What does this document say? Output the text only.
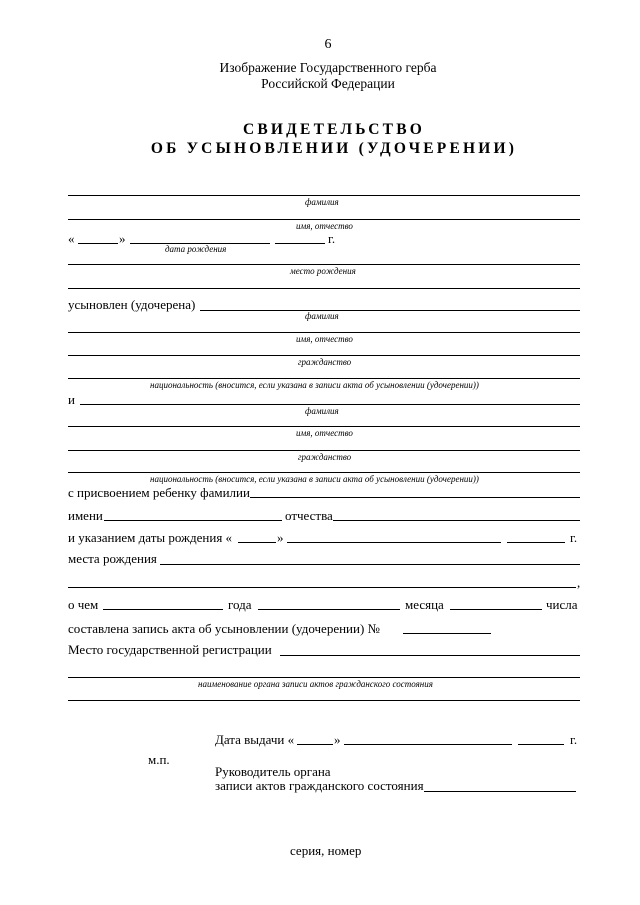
6
Изображение Государственного герба
Российской Федерации
СВИДЕТЕЛЬСТВО
ОБ УСЫНОВЛЕНИИ (УДОЧЕРЕНИИ)
фамилия
имя, отчество
«	»	г.
дата рождения
место рождения
усыновлен (удочерена)
фамилия
имя, отчество
гражданство
национальность (вносится, если указана в записи акта об усыновлении (удочерении))
и
фамилия
имя, отчество
гражданство
национальность (вносится, если указана в записи акта об усыновлении (удочерении))
с присвоением ребенку фамилии
имени	отчества
и указанием даты рождения «	»	г.
места рождения
,
о чем	года	месяца	числа
составлена запись акта об усыновлении (удочерении) №
Место государственной регистрации
наименование органа записи актов гражданского состояния
Дата выдачи «	»	г.
м.п.
Руководитель органа
записи актов гражданского состояния
серия, номер
